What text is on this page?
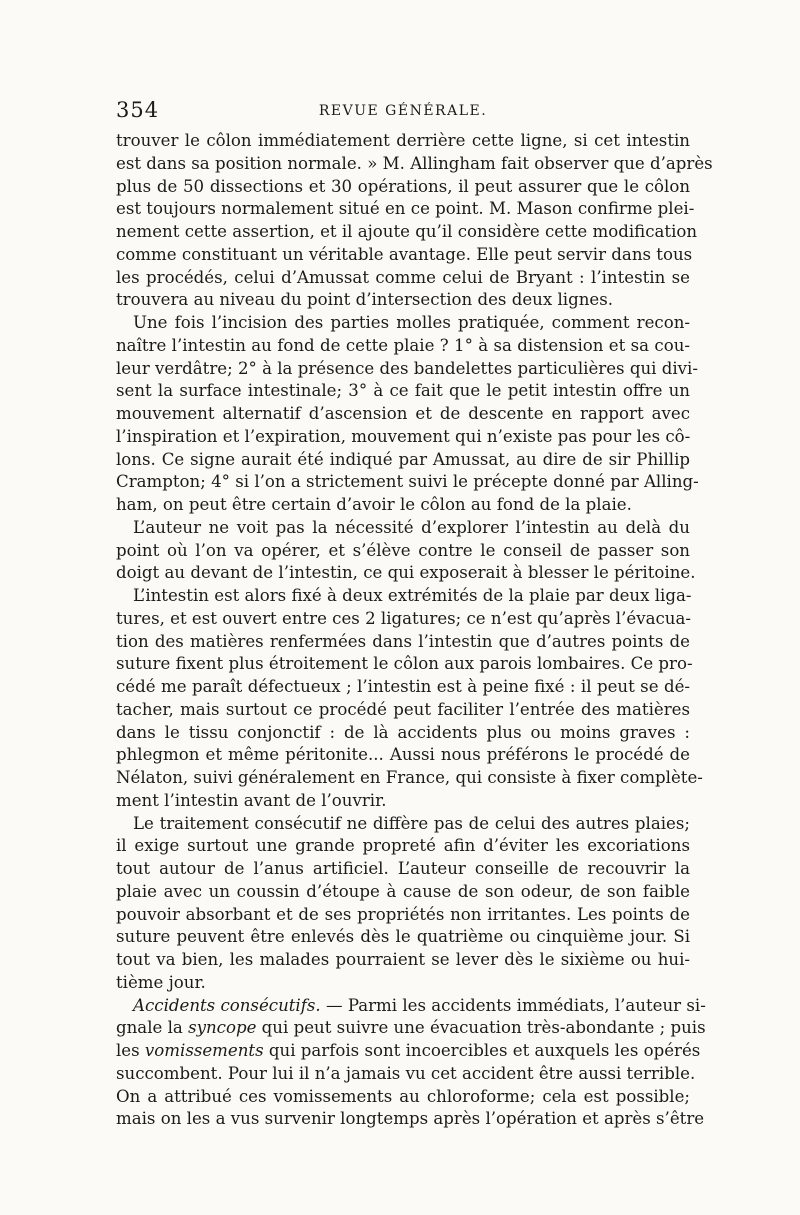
354	REVUE GÉNÉRALE.
trouver le côlon immédiatement derrière cette ligne, si cet intestin
est dans sa position normale. » M. Allingham fait observer que d’après
plus de 50 dissections et 30 opérations, il peut assurer que le côlon
est toujours normalement situé en ce point. M. Mason confirme plei-
nement cette assertion, et il ajoute qu’il considère cette modification
comme constituant un véritable avantage. Elle peut servir dans tous
les procédés, celui d’Amussat comme celui de Bryant : l’intestin se
trouvera au niveau du point d’intersection des deux lignes.
Une fois l’incision des parties molles pratiquée, comment recon-
naître l’intestin au fond de cette plaie ? 1° à sa distension et sa cou-
leur verdâtre; 2° à la présence des bandelettes particulières qui divi-
sent la surface intestinale; 3° à ce fait que le petit intestin offre un
mouvement alternatif d’ascension et de descente en rapport avec
l’inspiration et l’expiration, mouvement qui n’existe pas pour les cô-
lons. Ce signe aurait été indiqué par Amussat, au dire de sir Phillip
Crampton; 4° si l’on a strictement suivi le précepte donné par Alling-
ham, on peut être certain d’avoir le côlon au fond de la plaie.
L’auteur ne voit pas la nécessité d’explorer l’intestin au delà du
point où l’on va opérer, et s’élève contre le conseil de passer son
doigt au devant de l’intestin, ce qui exposerait à blesser le péritoine.
L’intestin est alors fixé à deux extrémités de la plaie par deux liga-
tures, et est ouvert entre ces 2 ligatures; ce n’est qu’après l’évacua-
tion des matières renfermées dans l’intestin que d’autres points de
suture fixent plus étroitement le côlon aux parois lombaires. Ce pro-
cédé me paraît défectueux ; l’intestin est à peine fixé : il peut se dé-
tacher, mais surtout ce procédé peut faciliter l’entrée des matières
dans le tissu conjonctif : de là accidents plus ou moins graves :
phlegmon et même péritonite... Aussi nous préférons le procédé de
Nélaton, suivi généralement en France, qui consiste à fixer complète-
ment l’intestin avant de l’ouvrir.
Le traitement consécutif ne diffère pas de celui des autres plaies;
il exige surtout une grande propreté afin d’éviter les excoriations
tout autour de l’anus artificiel. L’auteur conseille de recouvrir la
plaie avec un coussin d’étoupe à cause de son odeur, de son faible
pouvoir absorbant et de ses propriétés non irritantes. Les points de
suture peuvent être enlevés dès le quatrième ou cinquième jour. Si
tout va bien, les malades pourraient se lever dès le sixième ou hui-
tième jour.
Accidents consécutifs. — Parmi les accidents immédiats, l’auteur si-
gnale la syncope qui peut suivre une évacuation très-abondante ; puis
les vomissements qui parfois sont incoercibles et auxquels les opérés
succombent. Pour lui il n’a jamais vu cet accident être aussi terrible.
On a attribué ces vomissements au chloroforme; cela est possible;
mais on les a vus survenir longtemps après l’opération et après s’être
